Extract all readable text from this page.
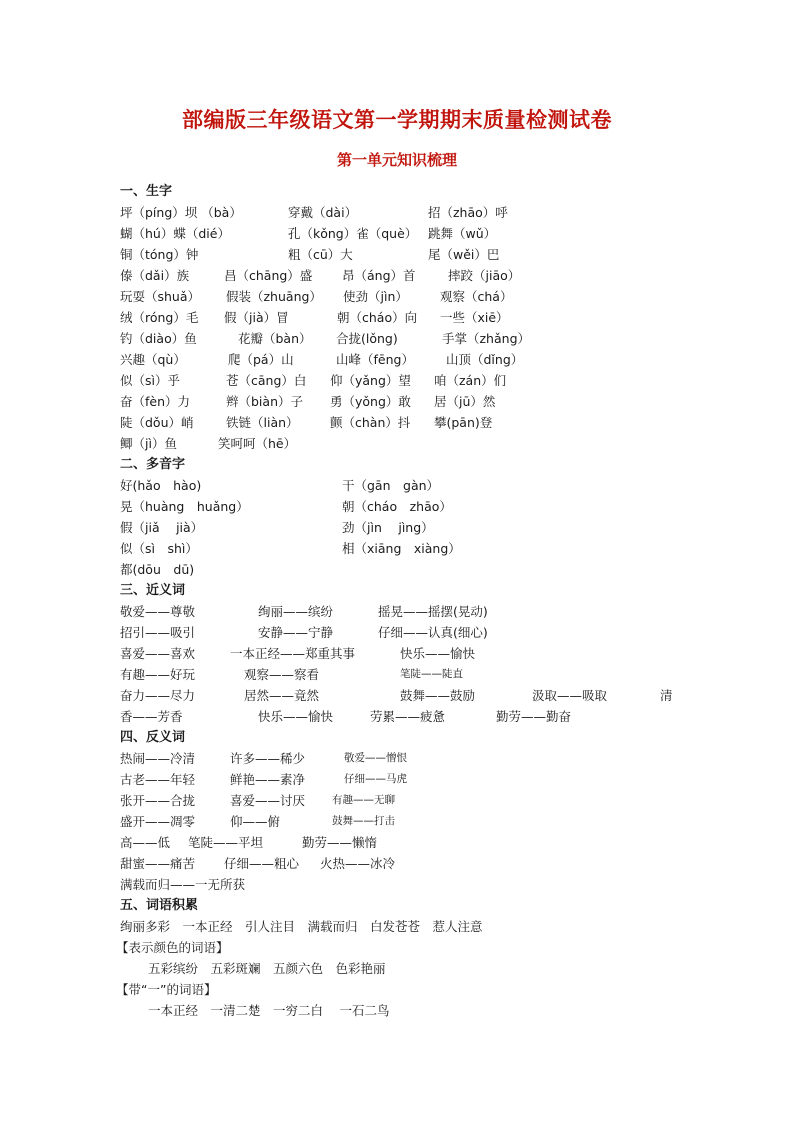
部编版三年级语文第一学期期末质量检测试卷
第一单元知识梳理
一、生字
坪（píng）坝 （bà）	穿戴（dài）	招（zhāo）呼
蝴（hú）蝶（dié）	孔（kǒng）雀（què） 跳舞（wǔ）
铜（tóng）钟	粗（cū）大	尾（wěi）巴
傣（dǎi）族	昌（chāng）盛 昂（áng）首	摔跤（jiāo）
玩耍（shuǎ） 假装（zhuāng） 使劲（jìn）	观察（chá）
绒（róng）毛 假（jià）冒	朝（cháo）向 一些（xiē）
钓（diào）鱼	花瓣（bàn） 合拢(lǒng)	手掌（zhǎng）
兴趣（qù）	爬（pá）山	山峰（fēng）	山顶（dǐng）
似（sì）乎	苍（cāng）白 仰（yǎng）望 咱（zán）们
奋（fèn）力	辫（biàn）子 勇（yǒng）敢 居（jū）然
陡（dǒu）峭	铁链（liàn）	颤（chàn）抖 攀(pān)登
鲫（jì）鱼	笑呵呵（hē）
二、多音字
好(hǎo　hào)	干（gān　gàn）
晃（huàng　huǎng）	朝（cháo　zhāo）
假（jiǎ　 jià）	劲（jìn　 jìng）
似（sì　shì）	相（xiāng　xiàng）
都(dōu　dū)
三、近义词
敬爱——尊敬	绚丽——缤纷	摇晃——摇摆(晃动)
招引——吸引	安静——宁静	仔细——认真(细心)
喜爱——喜欢	一本正经——郑重其事	快乐——愉快
有趣——好玩	观察——察看	笔陡——陡直
奋力——尽力	居然——竟然	鼓舞——鼓励	汲取——吸取	清
香——芳香	快乐——愉快	劳累——疲惫	勤劳——勤奋
四、反义词
热闹——冷清	许多——稀少	敬爱——憎恨
古老——年轻	鲜艳——素净	仔细——马虎
张开——合拢	喜爱——讨厌	有趣——无聊
盛开——凋零	仰——俯	鼓舞——打击
高——低 笔陡——平坦	勤劳——懒惰
甜蜜——痛苦 仔细——粗心 火热——冰冷
满载而归——一无所获
五、词语积累
绚丽多彩　一本正经　引人注目　满载而归　白发苍苍　惹人注意
【表示颜色的词语】
五彩缤纷　五彩斑斓　五颜六色　色彩艳丽
【带“一”的词语】
一本正经　一清二楚　一穷二白　 一石二鸟
